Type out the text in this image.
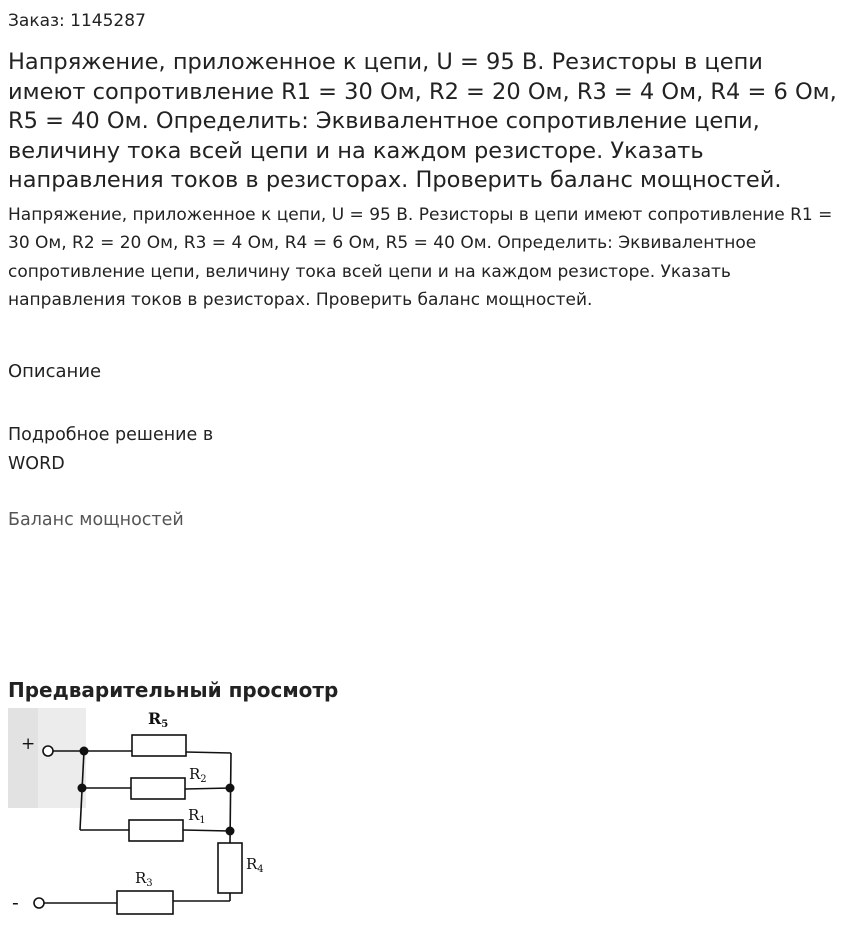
Заказ: 1145287
Напряжение, приложенное к цепи, U = 95 В. Резисторы в цепи имеют сопротивление R1 = 30 Ом, R2 = 20 Ом, R3 = 4 Ом, R4 = 6 Ом, R5 = 40 Ом. Определить: Эквивалентное сопротивление цепи, величину тока всей цепи и на каждом резисторе. Указать направления токов в резисторах. Проверить баланс мощностей.

Напряжение, приложенное к цепи, U = 95 В. Резисторы в цепи имеют сопротивление R1 = 30 Ом, R2 = 20 Ом, R3 = 4 Ом, R4 = 6 Ом, R5 = 40 Ом. Определить: Эквивалентное сопротивление цепи, величину тока всей цепи и на каждом резисторе. Указать направления токов в резисторах. Проверить баланс мощностей.

Описание

Подробное решение в
WORD

Баланс мощностей
Предварительный просмотр
+
-
R5
$R_2$
$R_1$
$R_4$
$R_3$
